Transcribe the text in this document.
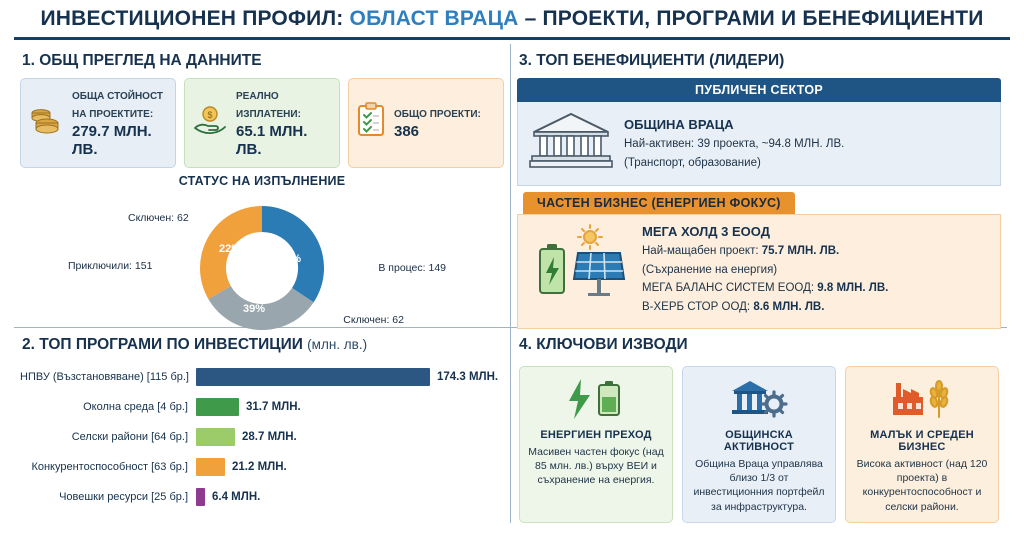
ИНВЕСТИЦИОНЕН ПРОФИЛ: ОБЛАСТ ВРАЦА – ПРОЕКТИ, ПРОГРАМИ И БЕНЕФИЦИЕНТИ
1. ОБЩ ПРЕГЛЕД НА ДАННИТЕ
ОБЩА СТОЙНОСТ НА ПРОЕКТИТЕ:
279.7 МЛН. ЛВ.
$
РЕАЛНО ИЗПЛАТЕНИ:
65.1 МЛН. ЛВ.
ОБЩО ПРОЕКТИ:
386
СТАТУС НА ИЗПЪЛНЕНИЕ
39%
39%
22%
Сключен: 62
Приключили: 151	В процес: 149
Сключен: 62
3. ТОП БЕНЕФИЦИЕНТИ (ЛИДЕРИ)
ПУБЛИЧЕН СЕКТОР
ОБЩИНА ВРАЦА
Най-активен: 39 проекта, ~94.8 МЛН. ЛВ.
(Транспорт, образование)
ЧАСТЕН БИЗНЕС (ЕНЕРГИЕН ФОКУС)
МЕГА ХОЛД 3 ЕООД
Най-мащабен проект: 75.7 МЛН. ЛВ.
(Съхранение на енергия)
МЕГА БАЛАНС СИСТЕМ ЕООД: 9.8 МЛН. ЛВ.
В-ХЕРБ СТОР ООД: 8.6 МЛН. ЛВ.
2. ТОП ПРОГРАМИ ПО ИНВЕСТИЦИИ (млн. лв.)
НПВУ (Възстановяване) [115 бр.]	174.3 МЛН.
Околна среда [4 бр.]	31.7 МЛН.
Селски райони [64 бр.]	28.7 МЛН.
Конкурентоспособност [63 бр.]	21.2 МЛН.
Човешки ресурси [25 бр.]	6.4 МЛН.
4. КЛЮЧОВИ ИЗВОДИ
ЕНЕРГИЕН ПРЕХОД
Масивен частен фокус (над 85 млн. лв.) върху ВЕИ и съхранение на енергия.
ОБЩИНСКА АКТИВНОСТ
Община Враца управлява близо 1/3 от инвестиционния портфейл за инфраструктура.
МАЛЪК И СРЕДЕН БИЗНЕС
Висока активност (над 120 проекта) в конкурентоспособност и селски райони.
